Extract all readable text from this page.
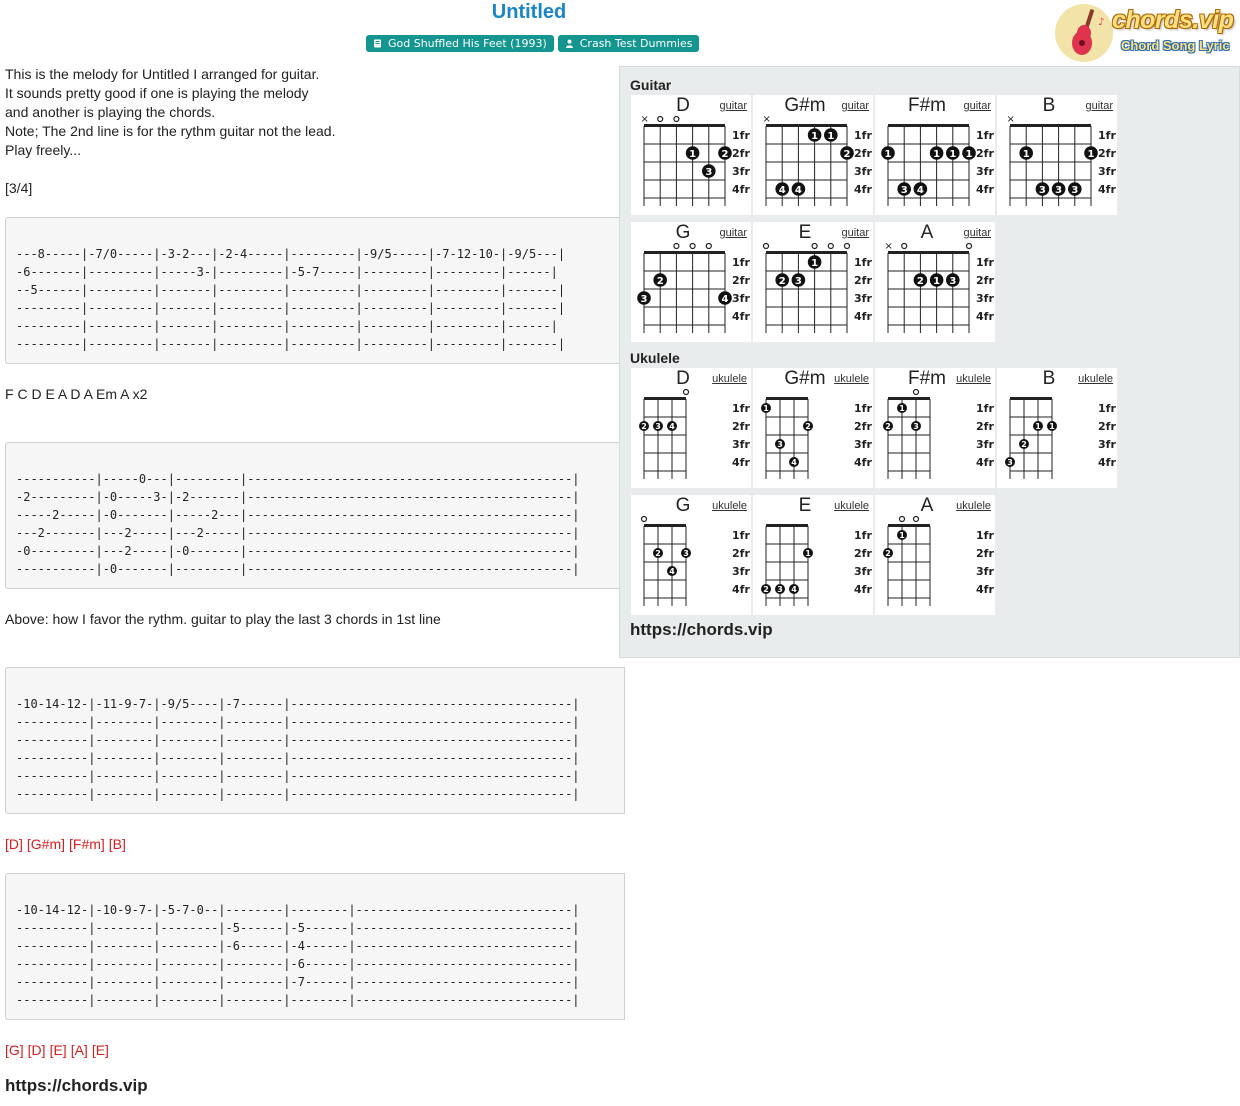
Untitled
God Shuffled His Feet (1993)	Crash Test Dummies
♪ chords.vip
Chord Song Lyric
This is the melody for Untitled I arranged for guitar.
It sounds pretty good if one is playing the melody
and another is playing the chords.
Note; The 2nd line is for the rythm guitar not the lead.
Play freely...

[3/4]
---8-----|-7/0-----|-3-2---|-2-4-----|---------|-9/5-----|-7-12-10-|-9/5---|
-6-------|---------|-----3-|---------|-5-7-----|---------|---------|------|
--5------|---------|-------|---------|---------|---------|---------|-------|
---------|---------|-------|---------|---------|---------|---------|-------|
---------|---------|-------|---------|---------|---------|---------|------|
---------|---------|-------|---------|---------|---------|---------|-------|
F C D E A D A Em A x2
-----------|-----0---|---------|---------------------------------------------|
-2---------|-0-----3-|-2-------|---------------------------------------------|
-----2-----|-0-------|-----2---|---------------------------------------------|
---2-------|---2-----|---2-----|---------------------------------------------|
-0---------|---2-----|-0-------|---------------------------------------------|
-----------|-0-------|---------|---------------------------------------------|
Above: how I favor the rythm. guitar to play the last 3 chords in 1st line
-10-14-12-|-11-9-7-|-9/5----|-7------|---------------------------------------|
----------|--------|--------|--------|---------------------------------------|
----------|--------|--------|--------|---------------------------------------|
----------|--------|--------|--------|---------------------------------------|
----------|--------|--------|--------|---------------------------------------|
----------|--------|--------|--------|---------------------------------------|
[D] [G#m] [F#m] [B]
-10-14-12-|-10-9-7-|-5-7-0--|--------|--------|------------------------------|
----------|--------|--------|-5------|-5------|------------------------------|
----------|--------|--------|-6------|-4------|------------------------------|
----------|--------|--------|--------|-6------|------------------------------|
----------|--------|--------|--------|-7------|------------------------------|
----------|--------|--------|--------|--------|------------------------------|
[G] [D] [E] [A] [E]
https://chords.vip
Guitar
D	guitar
1fr
2fr
3fr
4fr
×
1
3
2
G#m	guitar
1fr
2fr
3fr
4fr
×
4 4
1 1
2
F#m	guitar
1fr
2fr
3fr
4fr
1
3 4
1 1 1
B	guitar
1fr
2fr
3fr
4fr
×
1
3 3 3
1
G	guitar
1fr
2fr
3fr
4fr
3
2
4
E	guitar
1fr
2fr
3fr
4fr
2 3
1
A	guitar
1fr
2fr
3fr
4fr
×
2 1 3
Ukulele
D	ukulele
1fr
2fr
3fr
4fr
2 3 4
G#m ukulele
1fr
2fr
3fr
4fr
1
3
4
2
F#m ukulele
1fr
2fr
3fr
4fr
2
1
3
B	ukulele
1fr
2fr
3fr
4fr
3
2
1 1
G	ukulele
1fr
2fr
3fr
4fr
2
4
3
E	ukulele
1fr
2fr
3fr
4fr
2 3 4
1
A	ukulele
1fr
2fr
3fr
4fr
2
1
https://chords.vip
